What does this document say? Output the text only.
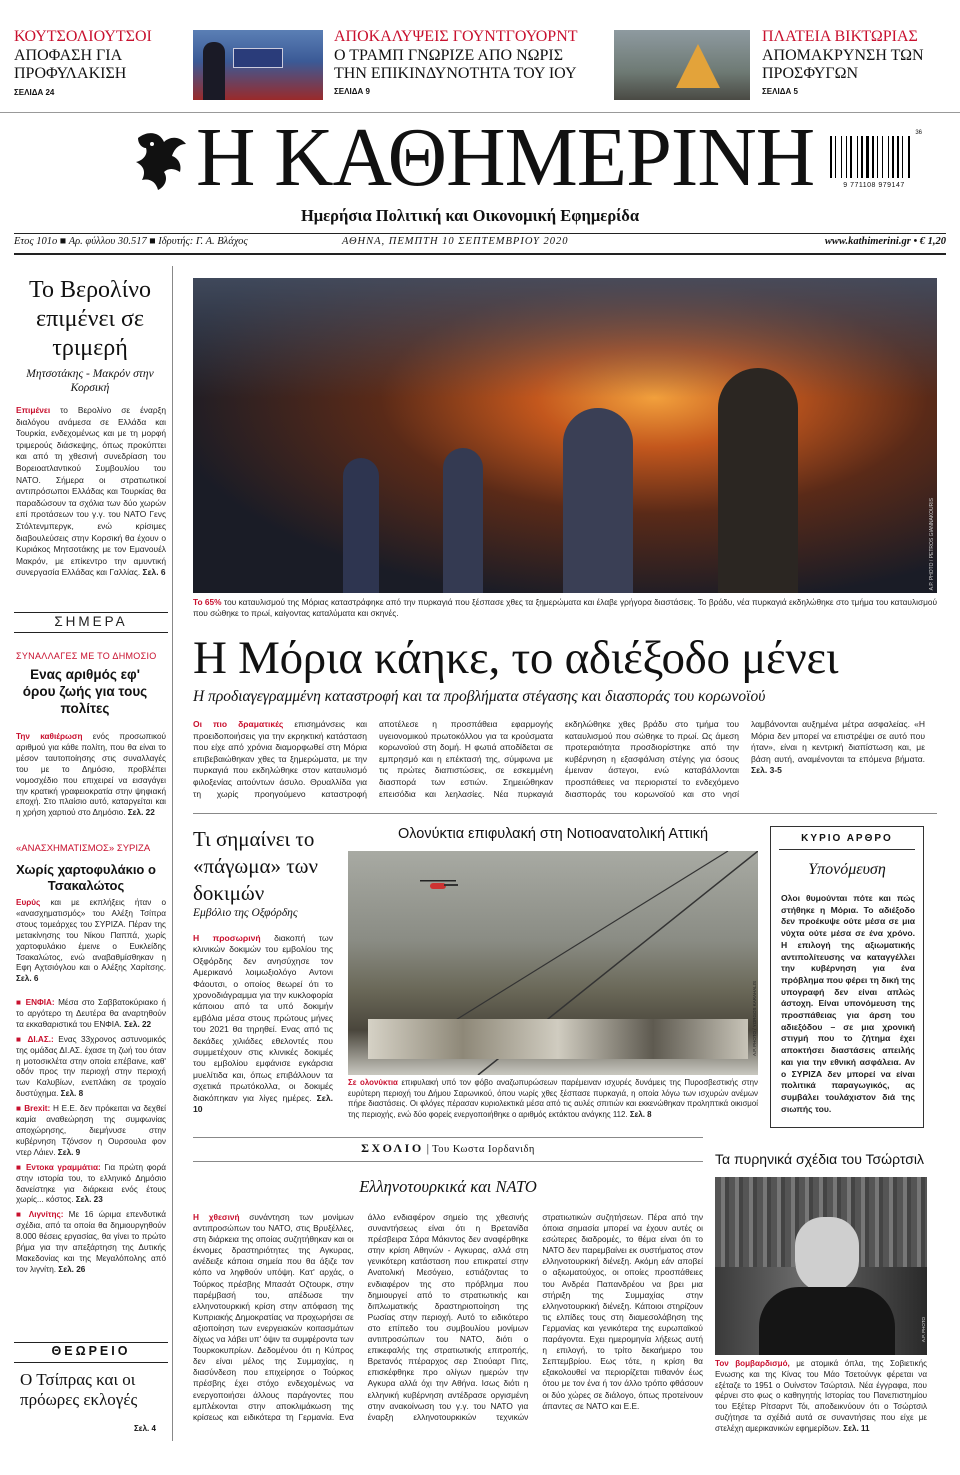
ΚΟΥΤΣΟΛΙΟΥΤΣΟΙ
ΑΠΟΦΑΣΗ ΓΙΑ ΠΡΟΦΥΛΑΚΙΣΗ
ΣΕΛΙΔΑ 24
ΑΠΟΚΑΛΥΨΕΙΣ ΓΟΥΝΤΓΟΥΟΡΝΤ
Ο ΤΡΑΜΠ ΓΝΩΡΙΖΕ ΑΠΟ ΝΩΡΙΣ ΤΗΝ ΕΠΙΚΙΝΔΥΝΟΤΗΤΑ ΤΟΥ ΙΟΥ
ΣΕΛΙΔΑ 9
ΠΛΑΤΕΙΑ ΒΙΚΤΩΡΙΑΣ
ΑΠΟΜΑΚΡΥΝΣΗ ΤΩΝ ΠΡΟΣΦΥΓΩΝ
ΣΕΛΙΔΑ 5
Η ΚΑΘΗΜΕΡΙΝΗ
Ημερήσια Πολιτική και Οικονομική Εφημερίδα
36
9 771108 979147
Ετος 101ο ■ Αρ. φύλλου 30.517 ■ Ιδρυτής: Γ. Α. Βλάχος	ΑΘΗΝΑ, ΠΕΜΠΤΗ 10 ΣΕΠΤΕΜΒΡΙΟΥ 2020	www.kathimerini.gr • € 1,20
Το Βερολίνο επιμένει σε τριμερή
Μητσοτάκης - Μακρόν στην Κορσική
Επιμένει το Βερολίνο σε έναρξη διαλόγου ανάμεσα σε Ελλάδα και Τουρκία, ενδεχομένως και με τη μορφή τριμερούς διάσκεψης, όπως προκύπτει και από τη χθεσινή συνεδρίαση του Βορειοατλαντικού Συμβουλίου του ΝΑΤΟ. Σήμερα οι στρατιωτικοί αντιπρόσωποι Ελλάδας και Τουρκίας θα παραδώσουν τα σχόλια των δύο χωρών επί προτάσεων του γ.γ. του ΝΑΤΟ Γενς Στόλτενμπεργκ, ενώ κρίσιμες διαβουλεύσεις στην Κορσική θα έχουν ο Κυριάκος Μητσοτάκης με τον Εμανουέλ Μακρόν, με επίκεντρο την αμυντική συνεργασία Ελλάδας και Γαλλίας. Σελ. 6
ΣΗΜΕΡΑ
ΣΥΝΑΛΛΑΓΕΣ ΜΕ ΤΟ ΔΗΜΟΣΙΟ
Ενας αριθμός εφ' όρου ζωής για τους πολίτες
Την καθιέρωση ενός προσωπικού αριθμού για κάθε πολίτη, που θα είναι το μέσον ταυτοποίησης στις συναλλαγές του με το Δημόσιο, προβλέπει νομοσχέδιο που επιχειρεί να εισαγάγει την κρατική γραφειοκρατία στην ψηφιακή εποχή. Στο πλαίσιο αυτό, καταργείται και η χρήση χαρτιού στο Δημόσιο. Σελ. 22
«ΑΝΑΣΧΗΜΑΤΙΣΜΟΣ» ΣΥΡΙΖΑ
Χωρίς χαρτοφυλάκιο ο Τσακαλώτος
Ευρύς και με εκπλήξεις ήταν ο «ανασχηματισμός» του Αλέξη Τσίπρα στους τομεάρχες του ΣΥΡΙΖΑ. Πέραν της μετακίνησης του Νίκου Παππά, χωρίς χαρτοφυλάκιο έμεινε ο Ευκλείδης Τσακαλώτος, ενώ αναβαθμίσθηκαν η Εφη Αχτσιόγλου και ο Αλέξης Χαρίτσης. Σελ. 6
■ ΕΝΦΙΑ: Μέσα στο Σαββατοκύριακο ή το αργότερο τη Δευτέρα θα αναρτηθούν τα εκκαθαριστικά του ΕΝΦΙΑ. Σελ. 22
■ ΔΙ.ΑΣ.: Ενας 33χρονος αστυνομικός της ομάδας ΔΙ.ΑΣ. έχασε τη ζωή του όταν η μοτοσικλέτα στην οποία επέβαινε, καθ' οδόν προς την περιοχή στην περιοχή των Καλυβίων, ενεπλάκη σε τροχαίο δυστύχημα. Σελ. 8
■ Brexit: Η Ε.Ε. δεν πρόκειται να δεχθεί καμία αναθεώρηση της συμφωνίας αποχώρησης, διεμήνυσε στην κυβέρνηση Τζόνσον η Ουρσουλα φον ντερ Λάιεν. Σελ. 9
■ Εντοκα γραμμάτια: Για πρώτη φορά στην ιστορία του, το ελληνικό Δημόσιο δανείστηκε για διάρκεια ενός έτους χωρίς... κόστος. Σελ. 23
■ Λιγνίτης: Με 16 ώριμα επενδυτικά σχέδια, από τα οποία θα δημιουργηθούν 8.000 θέσεις εργασίας, θα γίνει το πρώτο βήμα για την απεξάρτηση της Δυτικής Μακεδονίας και της Μεγαλόπολης από τον λιγνίτη. Σελ. 26
ΘΕΩΡΕΙΟ
Ο Τσίπρας και οι πρόωρες εκλογές
Σελ. 4
A.P. PHOTO / PETROS GIANNAKOURIS
Το 65% του καταυλισμού της Μόριας καταστράφηκε από την πυρκαγιά που ξέσπασε χθες τα ξημερώματα και έλαβε γρήγορα διαστάσεις. Το βράδυ, νέα πυρκαγιά εκδηλώθηκε στο τμήμα του καταυλισμού που σώθηκε το πρωί, καίγοντας καταλύματα και σκηνές.
Η Μόρια κάηκε, το αδιέξοδο μένει
Η προδιαγεγραμμένη καταστροφή και τα προβλήματα στέγασης και διασποράς του κορωνοϊού
Οι πιο δραματικές επισημάνσεις και προειδοποιήσεις για την εκρηκτική κατάσταση που είχε από χρόνια διαμορφωθεί στη Μόρια επιβεβαιώθηκαν χθες τα ξημερώματα, με την πυρκαγιά που εκδηλώθηκε στον καταυλισμό φιλοξενίας αιτούντων άσυλο. Θρυαλλίδα για τη χωρίς προηγούμενο καταστροφή αποτέλεσε η προσπάθεια εφαρμογής υγειονομικού πρωτοκόλλου για τα κρούσματα κορωνοϊού στη δομή. Η φωτιά αποδίδεται σε εμπρησμό και η επέκτασή της, σύμφωνα με τις πρώτες διαπιστώσεις, σε εσκεμμένη διασπορά των εστιών. Σημειώθηκαν επεισόδια και λεηλασίες. Νέα πυρκαγιά εκδηλώθηκε χθες βράδυ στο τμήμα του καταυλισμού που σώθηκε το πρωί. Ως άμεση προτεραιότητα προσδιορίστηκε από την κυβέρνηση η εξασφάλιση στέγης για όσους έμειναν άστεγοι, ενώ καταβάλλονται προσπάθειες να περιοριστεί το ενδεχόμενο διασποράς του κορωνοϊού και στο νησί λαμβάνονται αυξημένα μέτρα ασφαλείας. «Η Μόρια δεν μπορεί να επιστρέψει σε αυτό που ήταν», είναι η κεντρική διαπίστωση και, με βάση αυτή, αναμένονται τα επόμενα βήματα. Σελ. 3-5
Τι σημαίνει το «πάγωμα» των δοκιμών
Εμβόλιο της Οξφόρδης
Η προσωρινή διακοπή των κλινικών δοκιμών του εμβολίου της Οξφόρδης δεν ανησύχησε τον Αμερικανό λοιμωξιολόγο Αντονι Φάουτσι, ο οποίος θεωρεί ότι το χρονοδιάγραμμα για την κυκλοφορία κάποιου από τα υπό δοκιμήν εμβόλια μέσα στους πρώτους μήνες του 2021 θα τηρηθεί. Ενας από τις δεκάδες χιλιάδες εθελοντές που συμμετέχουν στις κλινικές δοκιμές του εμβολίου εμφάνισε εγκάρσια μυελίτιδα και, όπως επιβάλλουν τα σχετικά πρωτόκολλα, οι δοκιμές διακόπηκαν για λίγες ημέρες. Σελ. 10
Ολονύκτια επιφυλακή στη Νοτιοανατολική Αττική
A.P. PHOTO / YORGOS KARAHALIS
Σε ολονύκτια επιφυλακή υπό τον φόβο αναζωπυρώσεων παρέμειναν ισχυρές δυνάμεις της Πυροσβεστικής στην ευρύτερη περιοχή του Δήμου Σαρωνικού, όπου νωρίς χθες ξέσπασε πυρκαγιά, η οποία λόγω των ισχυρών ανέμων πήρε διαστάσεις. Οι φλόγες πέρασαν κυριολεκτικά μέσα από τις αυλές σπιτιών και εκκενώθηκαν προληπτικά οικισμοί της περιοχής, ενώ δύο φορείς ενεργοποιήθηκε ο αριθμός εκτάκτου ανάγκης 112. Σελ. 8
ΚΥΡΙΟ ΑΡΘΡΟ
Υπονόμευση
Ολοι θυμούνται πότε και πώς στήθηκε η Μόρια. Το αδιέξοδο δεν προέκυψε ούτε μέσα σε μια νύχτα ούτε μέσα σε ένα χρόνο. Η επιλογή της αξιωματικής αντιπολίτευσης να καταγγέλλει την κυβέρνηση για ένα πρόβλημα που φέρει τη δική της υπογραφή δεν είναι απλώς άστοχη. Είναι υπονόμευση της προσπάθειας για άρση του αδιεξόδου – σε μια χρονική στιγμή που το ζήτημα έχει αποκτήσει διαστάσεις απειλής και για την εθνική ασφάλεια. Αν ο ΣΥΡΙΖΑ δεν μπορεί να είναι πολιτικά παραγωγικός, ας συμβάλει τουλάχιστον διά της σιωπής του.
ΣΧΟΛΙΟ | Του Κωστα Ιορδανιδη
Ελληνοτουρκικά και ΝΑΤΟ
Η χθεσινή συνάντηση των μονίμων αντιπροσώπων του ΝΑΤΟ, στις Βρυξέλλες, στη διάρκεια της οποίας συζητήθηκαν και οι έκνομες δραστηριότητες της Αγκυρας, ανέδειξε κάποια σημεία που θα άξιζε τον κόπο να ληφθούν υπόψη. Κατ' αρχάς, ο Τούρκος πρέσβης Μπασάτ Οζτουρκ, στην παρέμβασή του, απέδωσε την ελληνοτουρκική κρίση στην απόφαση της Κυπριακής Δημοκρατίας να προχωρήσει σε αξιοποίηση των ενεργειακών κοιτασμάτων δίχως να λάβει υπ' όψιν τα συμφέροντα των Τουρκοκυπρίων. Δεδομένου ότι η Κύπρος δεν είναι μέλος της Συμμαχίας, η διασύνδεση που επιχείρησε ο Τούρκος πρέσβης έχει στόχο ενδεχομένως να ενεργοποιήσει άλλους παράγοντες που εμπλέκονται στην αποκλιμάκωση της κρίσεως και ειδικότερα τη Γερμανία. Ενα άλλο ενδιαφέρον σημείο της χθεσινής συναντήσεως είναι ότι η Βρετανίδα πρέσβειρα Σάρα Μάκιντος δεν αναφέρθηκε στην κρίση Αθηνών - Αγκυρας, αλλά στη γενικότερη κατάσταση που επικρατεί στην Ανατολική Μεσόγειο, εστιάζοντας το ενδιαφέρον της στο πρόβλημα που δημιουργεί από το στρατιωτικής και διπλωματικής δραστηριοποίηση της Ρωσίας στην περιοχή. Αυτό το ειδικότερο στο επίπεδο του συμβουλίου μονίμων αντιπροσώπων του ΝΑΤΟ, διότι ο επικεφαλής της στρατιωτικής επιτροπής, Βρετανός πτέραρχος σερ Στιούαρτ Πιτς, επισκέφθηκε προ ολίγων ημερών την Αγκυρα αλλά όχι την Αθήνα. Ισως διότι η ελληνική κυβέρνηση αντέδρασε οργισμένη στην ανακοίνωση του γ.γ. του ΝΑΤΟ για έναρξη ελληνοτουρκικών τεχνικών στρατιωτικών συζητήσεων. Πέρα από την όποια σημασία μπορεί να έχουν αυτές οι εσώτερες διαδρομές, το θέμα είναι ότι το ΝΑΤΟ δεν παρεμβαίνει εκ συστήματος στον ελληνοτουρκική διένεξη. Ακόμη εάν αποβεί ο αξιωματούχος, οι οποίες προσπάθειες του Ανδρέα Παπανδρέου να βρει μια στήριξη της Συμμαχίας στην ελληνοτουρκική διένεξη. Κάποιοι στηρίζουν τις ελπίδες τους στη διαμεσολάβηση της Γερμανίας και γενικότερα της ευρωπαϊκού παράγοντα. Εχει ημερομηνία λήξεως αυτή η επιλογή, το τρίτο δεκαήμερο του Σεπτεμβρίου. Εως τότε, η κρίση θα εξακολουθεί να περιορίζεται πιθανόν έως ότου με τον ένα ή τον άλλο τρόπο φθάσουν οι δύο χώρες σε διάλογο, όπως προτείνουν άπαντες σε ΝΑΤΟ και Ε.Ε.
Τα πυρηνικά σχέδια του Τσώρτσιλ
A.P. PHOTO
Τον βομβαρδισμό, με ατομικά όπλα, της Σοβιετικής Ενωσης και της Κίνας του Μάο Τσετούνγκ φέρεται να εξέταζε το 1951 ο Ουίνστον Τσώρτσιλ. Νέα έγγραφα, που φέρνει στο φως ο καθηγητής Ιστορίας του Πανεπιστημίου του Εξέτερ Ρίτσαρντ Τόι, αποδεικνύουν ότι ο Τσώρτσιλ συζήτησε τα σχέδιά αυτά σε συναντήσεις που είχε με στελέχη αμερικανικών εφημερίδων. Σελ. 11
